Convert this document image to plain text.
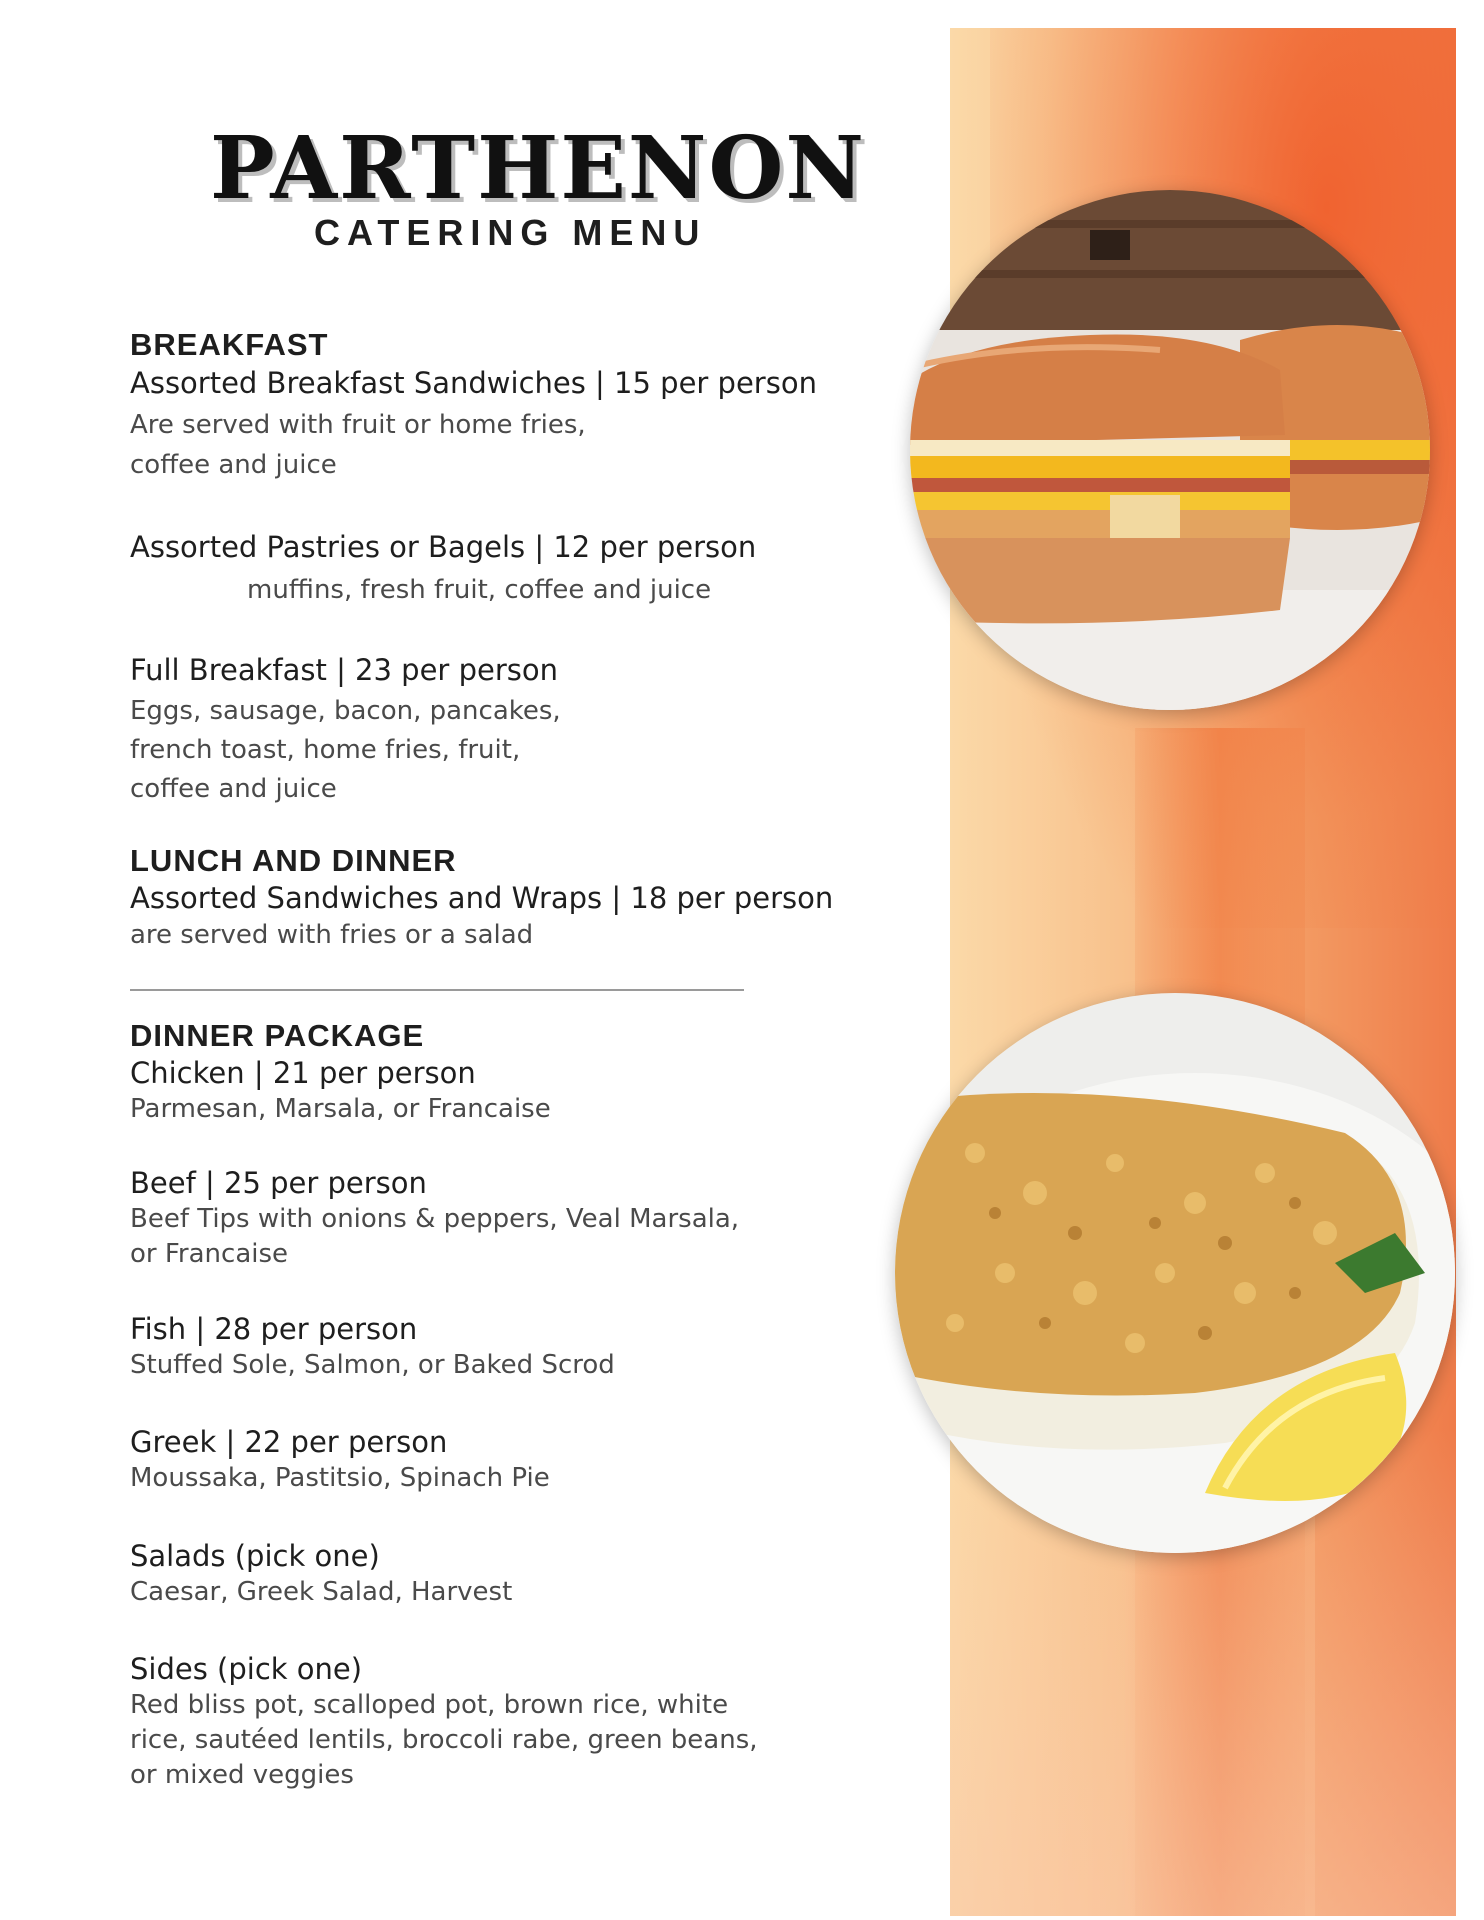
PARTHENON
CATERING MENU
BREAKFAST
Assorted Breakfast Sandwiches | 15 per person
Are served with fruit or home fries,
coffee and juice
Assorted Pastries or Bagels | 12 per person
muffins, fresh fruit, coffee and juice
Full Breakfast | 23 per person
Eggs, sausage, bacon, pancakes,
french toast, home fries, fruit,
coffee and juice
LUNCH AND DINNER
Assorted Sandwiches and Wraps | 18 per person
are served with fries or a salad
DINNER PACKAGE
Chicken | 21 per person
Parmesan, Marsala, or Francaise
Beef | 25 per person
Beef Tips with onions & peppers, Veal Marsala,
or Francaise
Fish | 28 per person
Stuffed Sole, Salmon, or Baked Scrod
Greek | 22 per person
Moussaka, Pastitsio, Spinach Pie
Salads (pick one)
Caesar, Greek Salad, Harvest
Sides (pick one)
Red bliss pot, scalloped pot, brown rice, white
rice, sautéed lentils, broccoli rabe, green beans,
or mixed veggies
